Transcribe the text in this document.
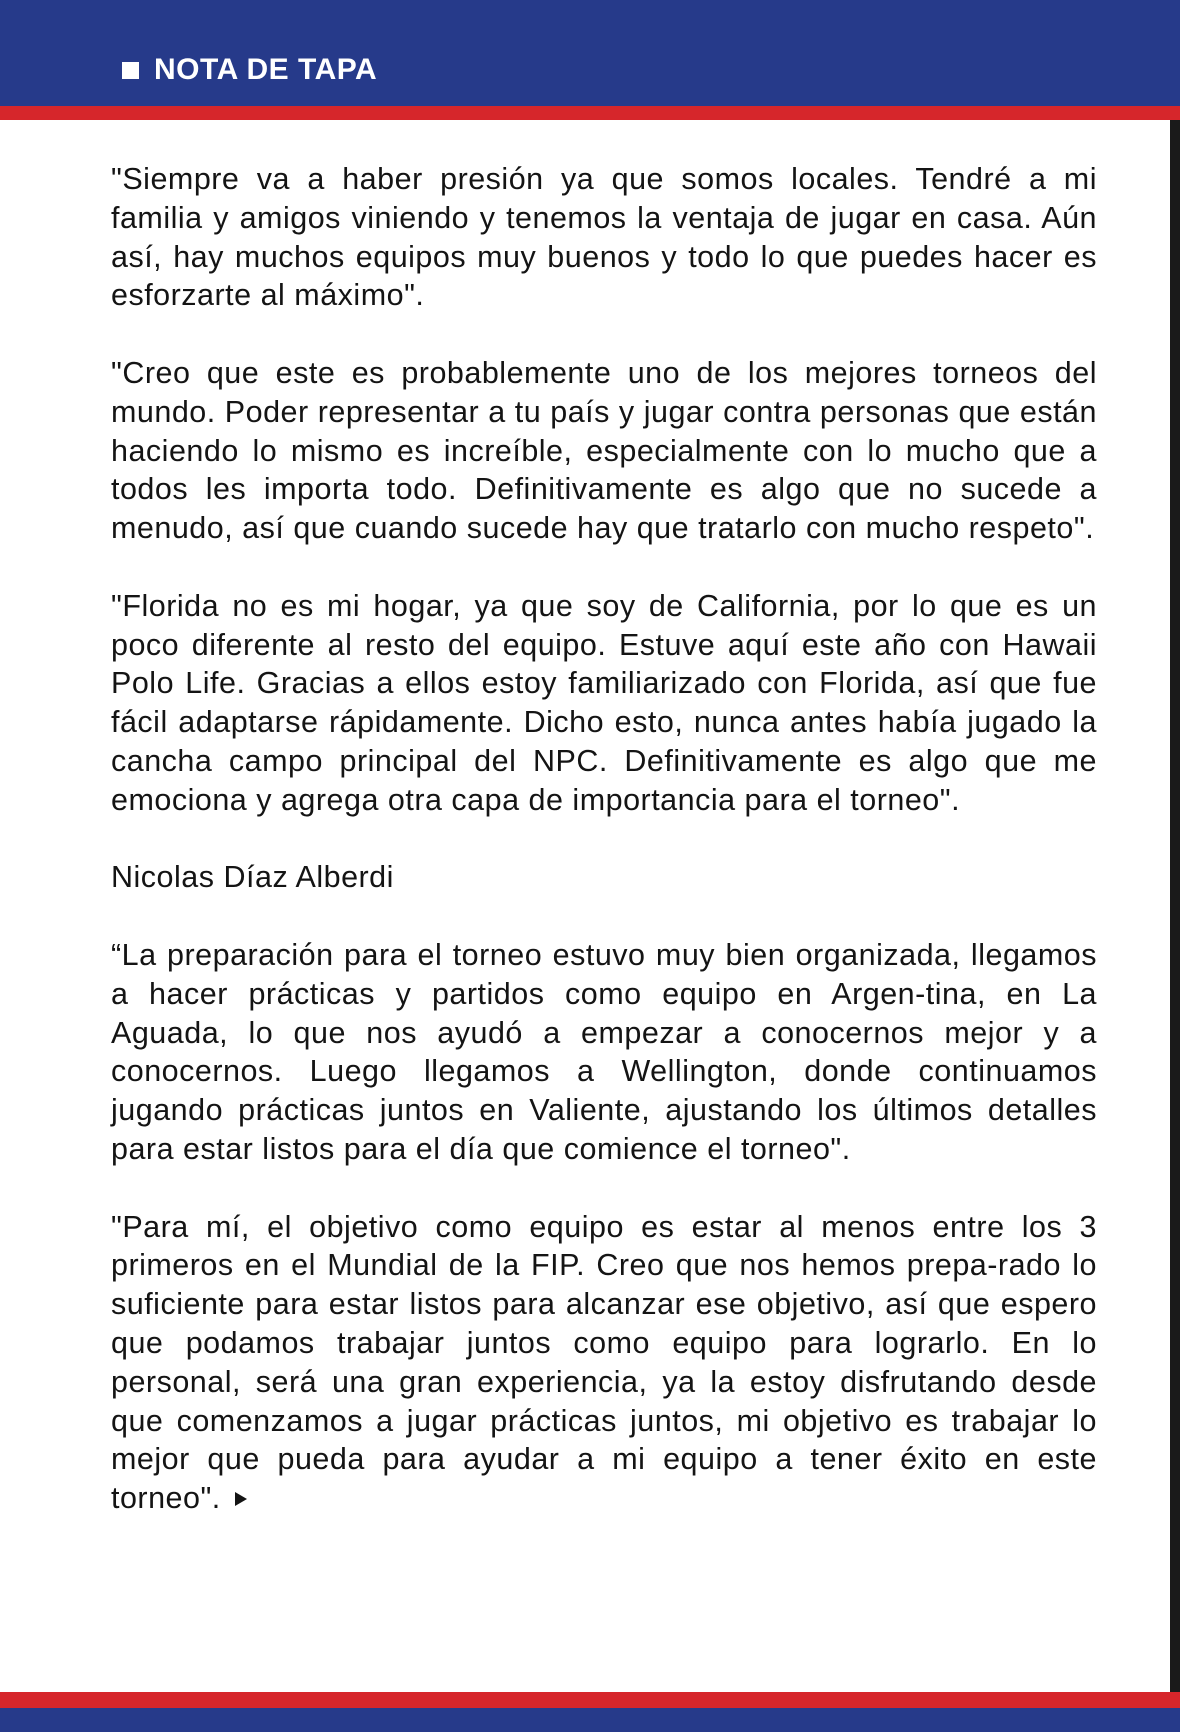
NOTA DE TAPA

"Siempre va a haber presión ya que somos locales. Tendré a mi familia y amigos viniendo y tenemos la ventaja de jugar en casa. Aún así, hay muchos equipos muy buenos y todo lo que puedes hacer es esforzarte al máximo".

"Creo que este es probablemente uno de los mejores torneos del mundo. Poder representar a tu país y jugar contra personas que están haciendo lo mismo es increíble, especialmente con lo mucho que a todos les importa todo. Definitivamente es algo que no sucede a menudo, así que cuando sucede hay que tratarlo con mucho respeto".

"Florida no es mi hogar, ya que soy de California, por lo que es un poco diferente al resto del equipo. Estuve aquí este año con Hawaii Polo Life. Gracias a ellos estoy familiarizado con Florida, así que fue fácil adaptarse rápidamente. Dicho esto, nunca antes había jugado la cancha campo principal del NPC. Definitivamente es algo que me emociona y agrega otra capa de importancia para el torneo".

Nicolas Díaz Alberdi

“La preparación para el torneo estuvo muy bien organizada, llegamos a hacer prácticas y partidos como equipo en Argen-tina, en La Aguada, lo que nos ayudó a empezar a conocernos mejor y a conocernos. Luego llegamos a Wellington, donde continuamos jugando prácticas juntos en Valiente, ajustando los últimos detalles para estar listos para el día que comience el torneo".

"Para mí, el objetivo como equipo es estar al menos entre los 3 primeros en el Mundial de la FIP. Creo que nos hemos prepa-rado lo suficiente para estar listos para alcanzar ese objetivo, así que espero que podamos trabajar juntos como equipo para lograrlo. En lo personal, será una gran experiencia, ya la estoy disfrutando desde que comenzamos a jugar prácticas juntos, mi objetivo es trabajar lo mejor que pueda para ayudar a mi equipo a tener éxito en este torneo".
